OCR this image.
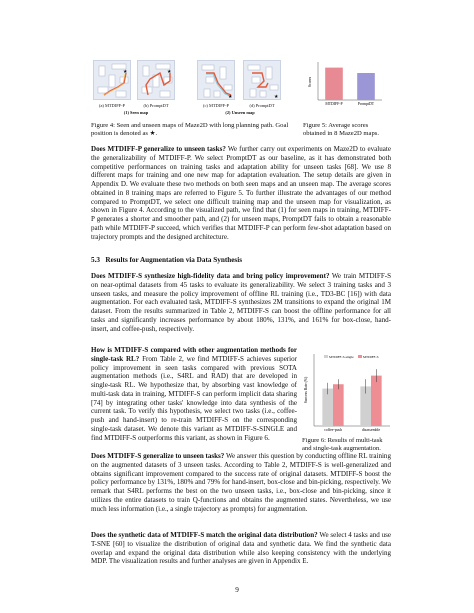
★	★
★	★
(a) MTDIFF-P	(b) PromptDT	(c) MTDIFF-P	(d) PromptDT
(1) Seen map	(2) Unseen map

Figure 4: Seen and unseen maps of Maze2D with long planning path. Goal position is denoted as ★.

Scores
MTDIFF-P	PromptDT

Figure 5: Average scores obtained in 8 Maze2D maps.

Does MTDIFF-P generalize to unseen tasks? We further carry out experiments on Maze2D to evaluate the generalizability of MTDIFF-P. We select PromptDT as our baseline, as it has demonstrated both competitive performances on training tasks and adaptation ability for unseen tasks [68]. We use 8 different maps for training and one new map for adaptation evaluation. The setup details are given in Appendix D. We evaluate these two methods on both seen maps and an unseen map. The average scores obtained in 8 training maps are referred to Figure 5. To further illustrate the advantages of our method compared to PromptDT, we select one difficult training map and the unseen map for visualization, as shown in Figure 4. According to the visualized path, we find that (1) for seen maps in training, MTDIFF-P generates a shorter and smoother path, and (2) for unseen maps, PromptDT fails to obtain a reasonable path while MTDIFF-P succeed, which verifies that MTDIFF-P can perform few-shot adaptation based on trajectory prompts and the designed architecture.

5.3 Results for Augmentation via Data Synthesis

Does MTDIFF-S synthesize high-fidelity data and bring policy improvement? We train MTDIFF-S on near-optimal datasets from 45 tasks to evaluate its generalizability. We select 3 training tasks and 3 unseen tasks, and measure the policy improvement of offline RL training (i.e., TD3-BC [16]) with data augmentation. For each evaluated task, MTDIFF-S synthesizes 2M transitions to expand the original 1M dataset. From the results summarized in Table 2, MTDIFF-S can boost the offline performance for all tasks and significantly increases performance by about 180%, 131%, and 161% for box-close, hand-insert, and coffee-push, respectively.

How is MTDIFF-S compared with other augmentation methods for single-task RL? From Table 2, we find MTDIFF-S achieves superior policy improvement in seen tasks compared with previous SOTA augmentation methods (i.e., S4RL and RAD) that are developed in single-task RL. We hypothesize that, by absorbing vast knowledge of multi-task data in training, MTDIFF-S can perform implicit data sharing [74] by integrating other tasks' knowledge into data synthesis of the current task. To verify this hypothesis, we select two tasks (i.e., coffee-push and hand-insert) to re-train MTDIFF-S on the corresponding single-task dataset. We denote this variant as MTDIFF-S-SINGLE and find MTDIFF-S outperforms this variant, as shown in Figure 6.

Success Rate (%)
MTDIFF-S-single	MTDIFF-S
coffee-push	disassemble

Figure 6: Results of multi-task and single-task augmentation.

Does MTDIFF-S generalize to unseen tasks? We answer this question by conducting offline RL training on the augmented datasets of 3 unseen tasks. According to Table 2, MTDIFF-S is well-generalized and obtains significant improvement compared to the success rate of original datasets. MTDIFF-S boost the policy performance by 131%, 180% and 79% for hand-insert, box-close and bin-picking, respectively. We remark that S4RL performs the best on the two unseen tasks, i.e., box-close and bin-picking, since it utilizes the entire datasets to train Q-functions and obtains the augmented states. Nevertheless, we use much less information (i.e., a single trajectory as prompts) for augmentation.

Does the synthetic data of MTDIFF-S match the original data distribution? We select 4 tasks and use T-SNE [60] to visualize the distribution of original data and synthetic data. We find the synthetic data overlap and expand the original data distribution while also keeping consistency with the underlying MDP. The visualization results and further analyses are given in Appendix E.

9
